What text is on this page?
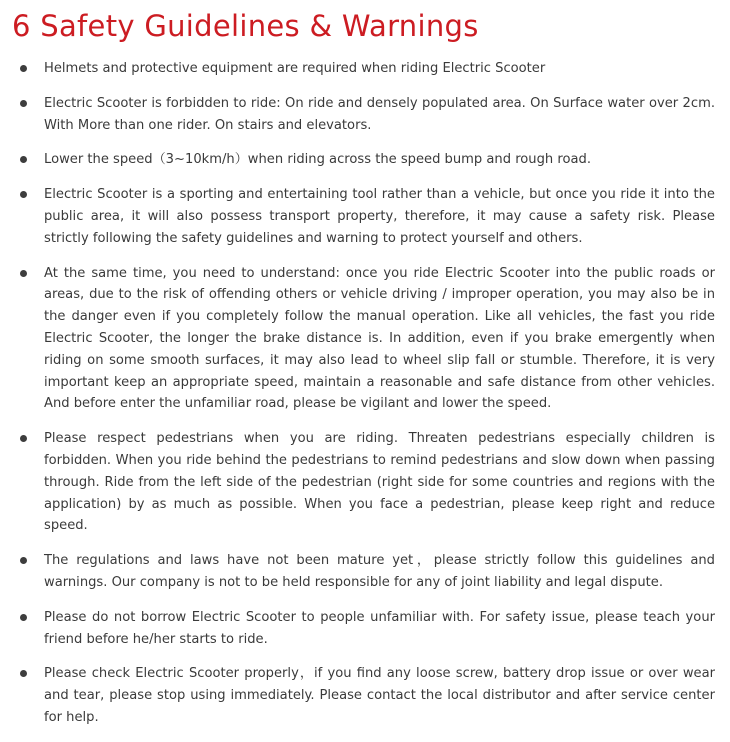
6 Safety Guidelines & Warnings
Helmets and protective equipment are required when riding Electric Scooter
Electric Scooter is forbidden to ride: On ride and densely populated area. On Surface water over 2cm. With More than one rider. On stairs and elevators.
Lower the speed（3~10km/h）when riding across the speed bump and rough road.
Electric Scooter is a sporting and entertaining tool rather than a vehicle, but once you ride it into the public area, it will also possess transport property, therefore, it may cause a safety risk. Please strictly following the safety guidelines and warning to protect yourself and others.
At the same time, you need to understand: once you ride Electric Scooter into the public roads or areas, due to the risk of offending others or vehicle driving / improper operation, you may also be in the danger even if you completely follow the manual operation. Like all vehicles, the fast you ride Electric Scooter, the longer the brake distance is. In addition, even if you brake emergently when riding on some smooth surfaces, it may also lead to wheel slip fall or stumble. Therefore, it is very important keep an appropriate speed, maintain a reasonable and safe distance from other vehicles. And before enter the unfamiliar road, please be vigilant and lower the speed.
Please respect pedestrians when you are riding. Threaten pedestrians especially children is forbidden. When you ride behind the pedestrians to remind pedestrians and slow down when passing through. Ride from the left side of the pedestrian (right side for some countries and regions with the application) by as much as possible. When you face a pedestrian, please keep right and reduce speed.
The regulations and laws have not been mature yet，please strictly follow this guidelines and warnings. Our company is not to be held responsible for any of joint liability and legal dispute.
Please do not borrow Electric Scooter to people unfamiliar with. For safety issue, please teach your friend before he/her starts to ride.
Please check Electric Scooter properly，if you find any loose screw, battery drop issue or over wear and tear, please stop using immediately. Please contact the local distributor and after service center for help.
